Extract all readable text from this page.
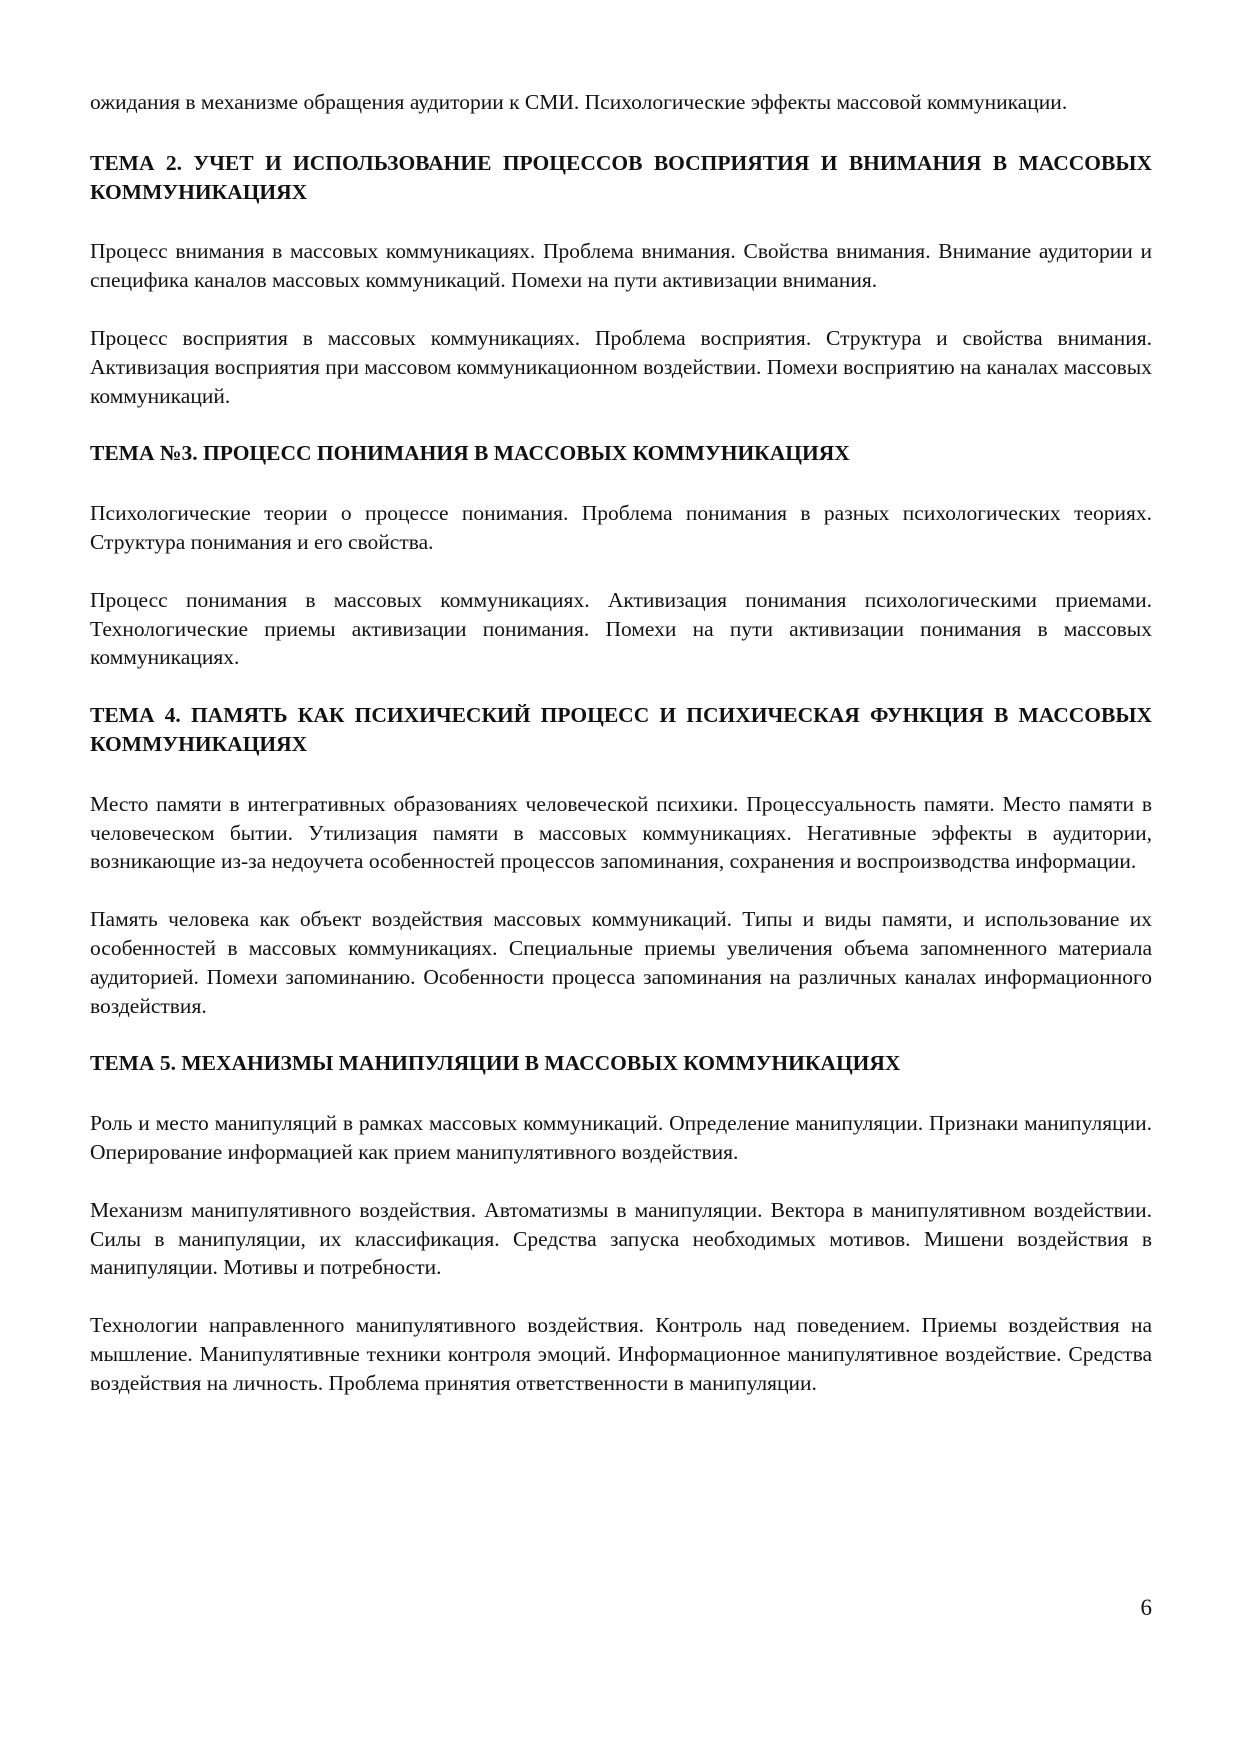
ожидания в механизме обращения аудитории к СМИ. Психологические эффекты массовой коммуникации.

ТЕМА 2. УЧЕТ И ИСПОЛЬЗОВАНИЕ ПРОЦЕССОВ ВОСПРИЯТИЯ И ВНИМАНИЯ В МАССОВЫХ КОММУНИКАЦИЯХ

Процесс внимания в массовых коммуникациях. Проблема внимания. Свойства внимания. Внимание аудитории и специфика каналов массовых коммуникаций. Помехи на пути активизации внимания.

Процесс восприятия в массовых коммуникациях. Проблема восприятия. Структура и свойства внимания. Активизация восприятия при массовом коммуникационном воздействии. Помехи восприятию на каналах массовых коммуникаций.

ТЕМА №3. ПРОЦЕСС ПОНИМАНИЯ В МАССОВЫХ КОММУНИКАЦИЯХ

Психологические теории о процессе понимания. Проблема понимания в разных психологических теориях. Структура понимания и его свойства.

Процесс понимания в массовых коммуникациях. Активизация понимания психологическими приемами. Технологические приемы активизации понимания. Помехи на пути активизации понимания в массовых коммуникациях.

ТЕМА 4. ПАМЯТЬ КАК ПСИХИЧЕСКИЙ ПРОЦЕСС И ПСИХИЧЕСКАЯ ФУНКЦИЯ В МАССОВЫХ КОММУНИКАЦИЯХ

Место памяти в интегративных образованиях человеческой психики. Процессуальность памяти. Место памяти в человеческом бытии. Утилизация памяти в массовых коммуникациях. Негативные эффекты в аудитории, возникающие из-за недоучета особенностей процессов запоминания, сохранения и воспроизводства информации.

Память человека как объект воздействия массовых коммуникаций. Типы и виды памяти, и использование их особенностей в массовых коммуникациях. Специальные приемы увеличения объема запомненного материала аудиторией. Помехи запоминанию. Особенности процесса запоминания на различных каналах информационного воздействия.

ТЕМА 5. МЕХАНИЗМЫ МАНИПУЛЯЦИИ В МАССОВЫХ КОММУНИКАЦИЯХ

Роль и место манипуляций в рамках массовых коммуникаций. Определение манипуляции. Признаки манипуляции. Оперирование информацией как прием манипулятивного воздействия.

Механизм манипулятивного воздействия. Автоматизмы в манипуляции. Вектора в манипулятивном воздействии. Силы в манипуляции, их классификация. Средства запуска необходимых мотивов. Мишени воздействия в манипуляции. Мотивы и потребности.

Технологии направленного манипулятивного воздействия. Контроль над поведением. Приемы воздействия на мышление. Манипулятивные техники контроля эмоций. Информационное манипулятивное воздействие. Средства воздействия на личность. Проблема принятия ответственности в манипуляции.

6
